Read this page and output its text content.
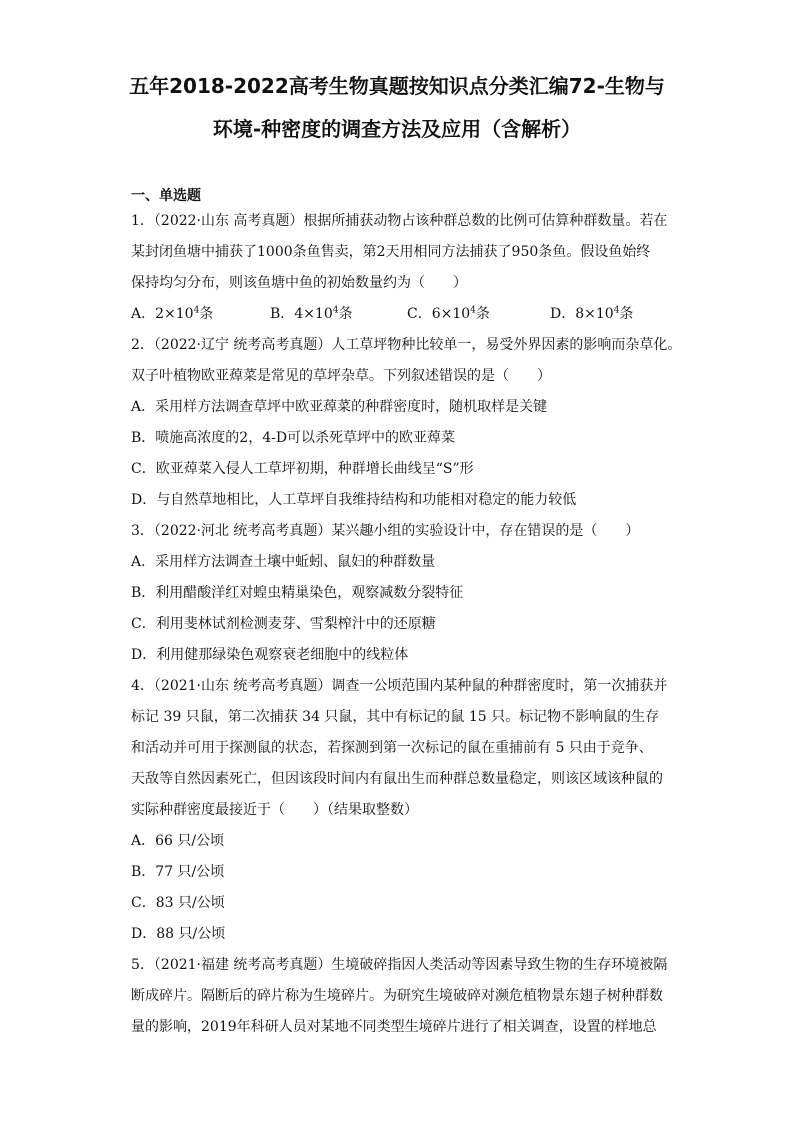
五年2018-2022高考生物真题按知识点分类汇编72-生物与
环境-种密度的调查方法及应用（含解析）
一、单选题
1．（2022·山东 高考真题）根据所捕获动物占该种群总数的比例可估算种群数量。若在
某封闭鱼塘中捕获了1000条鱼售卖，第2天用相同方法捕获了950条鱼。假设鱼始终
保持均匀分布，则该鱼塘中鱼的初始数量约为（　　）
A．$2\times 10^4$条	B．$4\times 10^4$条	C．$6\times 10^4$条	D．$8\times 10^4$条
2．（2022·辽宁 统考高考真题）人工草坪物种比较单一，易受外界因素的影响而杂草化。
双子叶植物欧亚蔊菜是常见的草坪杂草。下列叙述错误的是（　　）
A．采用样方法调查草坪中欧亚蔊菜的种群密度时，随机取样是关键
B．喷施高浓度的2，4-D可以杀死草坪中的欧亚蔊菜
C．欧亚蔊菜入侵人工草坪初期，种群增长曲线呈“S”形
D．与自然草地相比，人工草坪自我维持结构和功能相对稳定的能力较低
3．（2022·河北 统考高考真题）某兴趣小组的实验设计中，存在错误的是（　　）
A．采用样方法调查土壤中蚯蚓、鼠妇的种群数量
B．利用醋酸洋红对蝗虫精巢染色，观察减数分裂特征
C．利用斐林试剂检测麦芽、雪梨榨汁中的还原糖
D．利用健那绿染色观察衰老细胞中的线粒体
4．（2021·山东 统考高考真题）调查一公顷范围内某种鼠的种群密度时，第一次捕获并
标记 39 只鼠，第二次捕获 34 只鼠，其中有标记的鼠 15 只。标记物不影响鼠的生存
和活动并可用于探测鼠的状态，若探测到第一次标记的鼠在重捕前有 5 只由于竞争、
天敌等自然因素死亡，但因该段时间内有鼠出生而种群总数量稳定，则该区域该种鼠的
实际种群密度最接近于（　　）（结果取整数）
A．66 只/公顷
B．77 只/公顷
C．83 只/公顷
D．88 只/公顷
5．（2021·福建 统考高考真题）生境破碎指因人类活动等因素导致生物的生存环境被隔
断成碎片。隔断后的碎片称为生境碎片。为研究生境破碎对濒危植物景东翅子树种群数
量的影响，2019年科研人员对某地不同类型生境碎片进行了相关调查，设置的样地总
